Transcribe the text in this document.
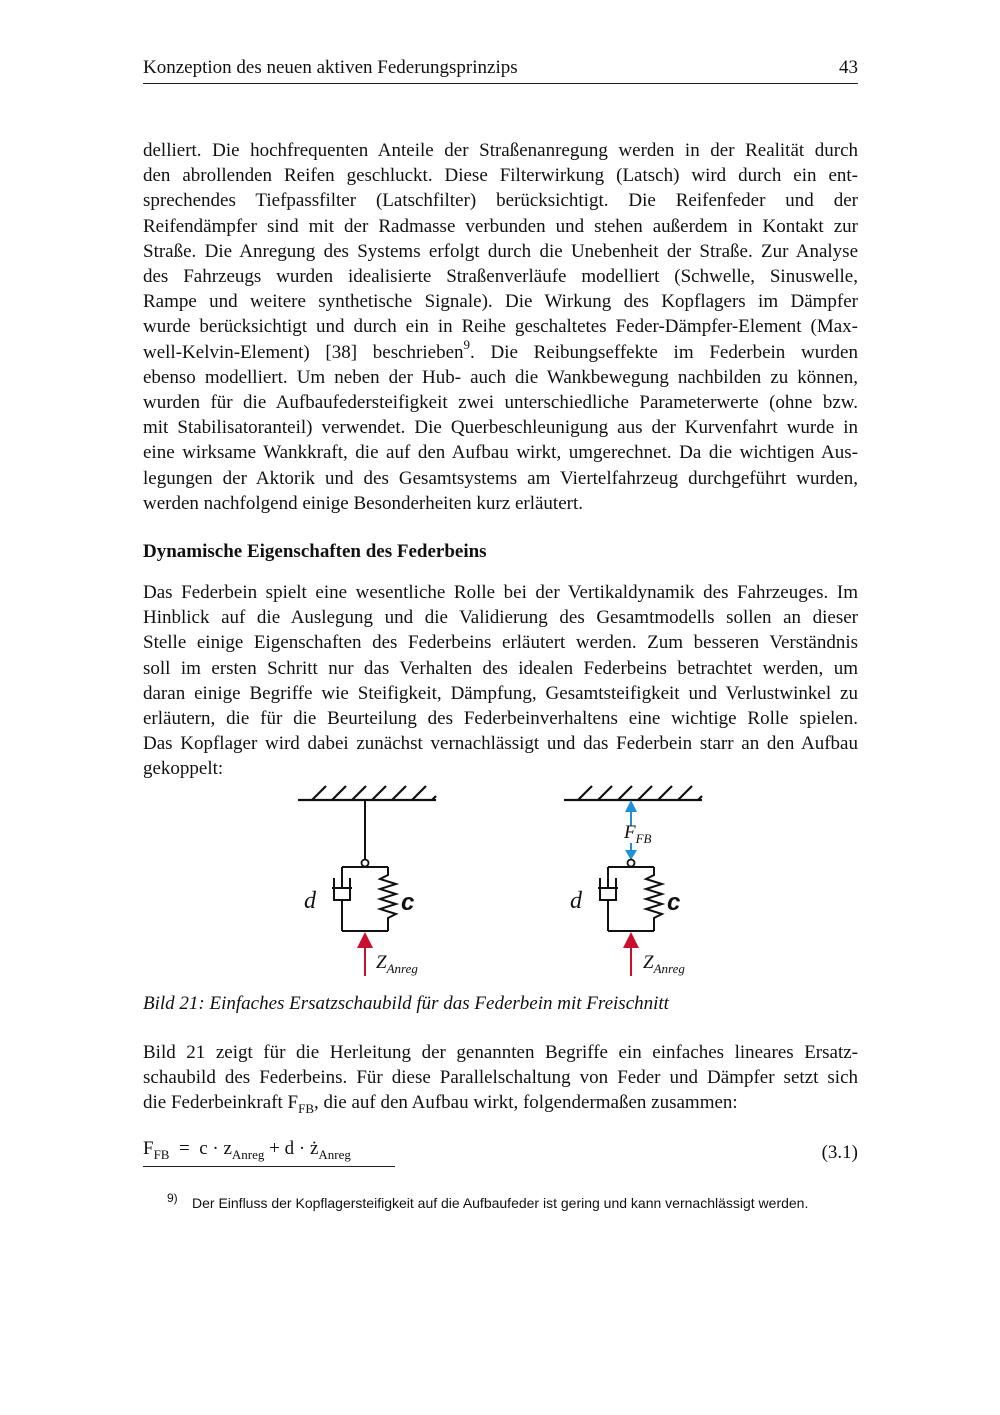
Konzeption des neuen aktiven Federungsprinzips	43

delliert. Die hochfrequenten Anteile der Straßenanregung werden in der Realität durch

den abrollenden Reifen geschluckt. Diese Filterwirkung (Latsch) wird durch ein ent-

sprechendes Tiefpassfilter (Latschfilter) berücksichtigt. Die Reifenfeder und der

Reifendämpfer sind mit der Radmasse verbunden und stehen außerdem in Kontakt zur

Straße. Die Anregung des Systems erfolgt durch die Unebenheit der Straße. Zur Analyse

des Fahrzeugs wurden idealisierte Straßenverläufe modelliert (Schwelle, Sinuswelle,

Rampe und weitere synthetische Signale). Die Wirkung des Kopflagers im Dämpfer

wurde berücksichtigt und durch ein in Reihe geschaltetes Feder-Dämpfer-Element (Max-

well-Kelvin-Element) [38] beschrieben$^9$. Die Reibungseffekte im Federbein wurden

ebenso modelliert. Um neben der Hub- auch die Wankbewegung nachbilden zu können,

wurden für die Aufbaufedersteifigkeit zwei unterschiedliche Parameterwerte (ohne bzw.

mit Stabilisatoranteil) verwendet. Die Querbeschleunigung aus der Kurvenfahrt wurde in

eine wirksame Wankkraft, die auf den Aufbau wirkt, umgerechnet. Da die wichtigen Aus-

legungen der Aktorik und des Gesamtsystems am Viertelfahrzeug durchgeführt wurden,

werden nachfolgend einige Besonderheiten kurz erläutert.

Dynamische Eigenschaften des Federbeins

Das Federbein spielt eine wesentliche Rolle bei der Vertikaldynamik des Fahrzeuges. Im

Hinblick auf die Auslegung und die Validierung des Gesamtmodells sollen an dieser

Stelle einige Eigenschaften des Federbeins erläutert werden. Zum besseren Verständnis

soll im ersten Schritt nur das Verhalten des idealen Federbeins betrachtet werden, um

daran einige Begriffe wie Steifigkeit, Dämpfung, Gesamtsteifigkeit und Verlustwinkel zu

erläutern, die für die Beurteilung des Federbeinverhaltens eine wichtige Rolle spielen.

Das Kopflager wird dabei zunächst vernachlässigt und das Federbein starr an den Aufbau

gekoppelt:

d	c
$Z_{Anreg}$
$F_{FB}$
d	c
$Z_{Anreg}$
Bild 21: Einfaches Ersatzschaubild für das Federbein mit Freischnitt

Bild 21 zeigt für die Herleitung der genannten Begriffe ein einfaches lineares Ersatz-

schaubild des Federbeins. Für diese Parallelschaltung von Feder und Dämpfer setzt sich

die Federbeinkraft $F_{FB}$, die auf den Aufbau wirkt, folgendermaßen zusammen:

$F_{FB} = c \cdot z_{Anreg} + d$ · $ż_{Anreg}$	(3.1)
9) Der Einfluss der Kopflagersteifigkeit auf die Aufbaufeder ist gering und kann vernachlässigt werden.
